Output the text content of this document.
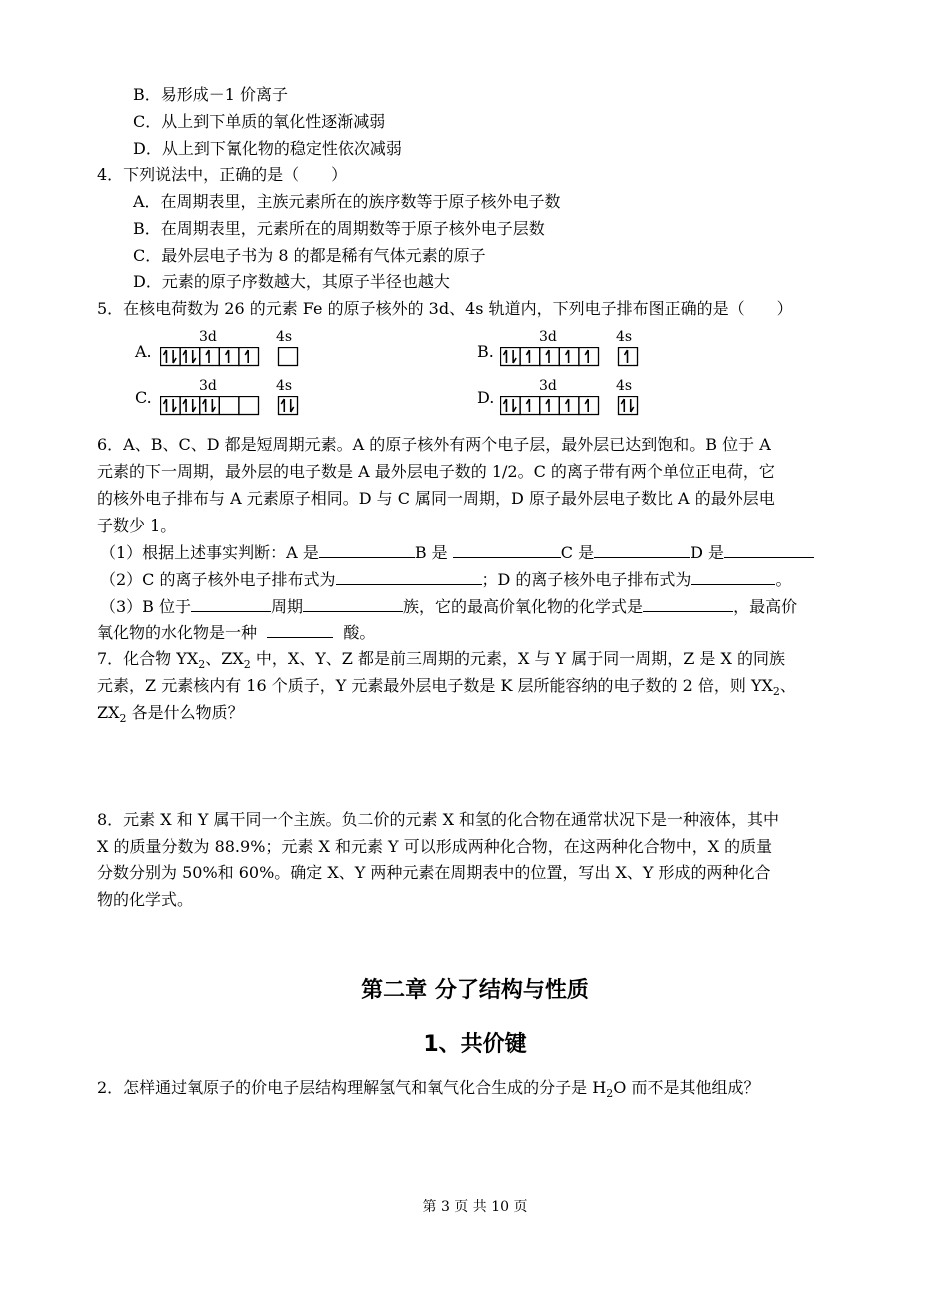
B．易形成－1 价离子
C．从上到下单质的氧化性逐渐减弱
D．从上到下氰化物的稳定性依次减弱
4．下列说法中，正确的是（　　）
A．在周期表里，主族元素所在的族序数等于原子核外电子数
B．在周期表里，元素所在的周期数等于原子核外电子层数
C．最外层电子书为 8 的都是稀有气体元素的原子
D．元素的原子序数越大，其原子半径也越大
5．在核电荷数为 26 的元素 Fe 的原子核外的 3d、4s 轨道内，下列电子排布图正确的是（　　）
A.
3d	4s
B.
3d	4s
C.
3d	4s
D.
3d	4s
6．A、B、C、D 都是短周期元素。A 的原子核外有两个电子层，最外层已达到饱和。B 位于 A
元素的下一周期，最外层的电子数是 A 最外层电子数的 1/2。C 的离子带有两个单位正电荷，它
的核外电子排布与 A 元素原子相同。D 与 C 属同一周期，D 原子最外层电子数比 A 的最外层电
子数少 1。
（1）根据上述事实判断：A 是	B 是	C 是	D 是
（2）C 的离子核外电子排布式为	；D 的离子核外电子排布式为	。
（3）B 位于	周期	族，它的最高价氧化物的化学式是	，最高价
氧化物的水化物是一种	酸。
7．化合物 $YX_2$、$ZX_2$ 中，X、Y、Z 都是前三周期的元素，X 与 Y 属于同一周期，Z 是 X 的同族
元素，Z 元素核内有 16 个质子，Y 元素最外层电子数是 K 层所能容纳的电子数的 2 倍，则 $YX_2$、
$ZX_2$ 各是什么物质？
8．元素 X 和 Y 属干同一个主族。负二价的元素 X 和氢的化合物在通常状况下是一种液体，其中
X 的质量分数为 88.9%；元素 X 和元素 Y 可以形成两种化合物，在这两种化合物中，X 的质量
分数分别为 50%和 60%。确定 X、Y 两种元素在周期表中的位置，写出 X、Y 形成的两种化合
物的化学式。
第二章 分了结构与性质
1、共价键
2．怎样通过氧原子的价电子层结构理解氢气和氧气化合生成的分子是 $H_2O$ 而不是其他组成？
第 3 页 共 10 页
